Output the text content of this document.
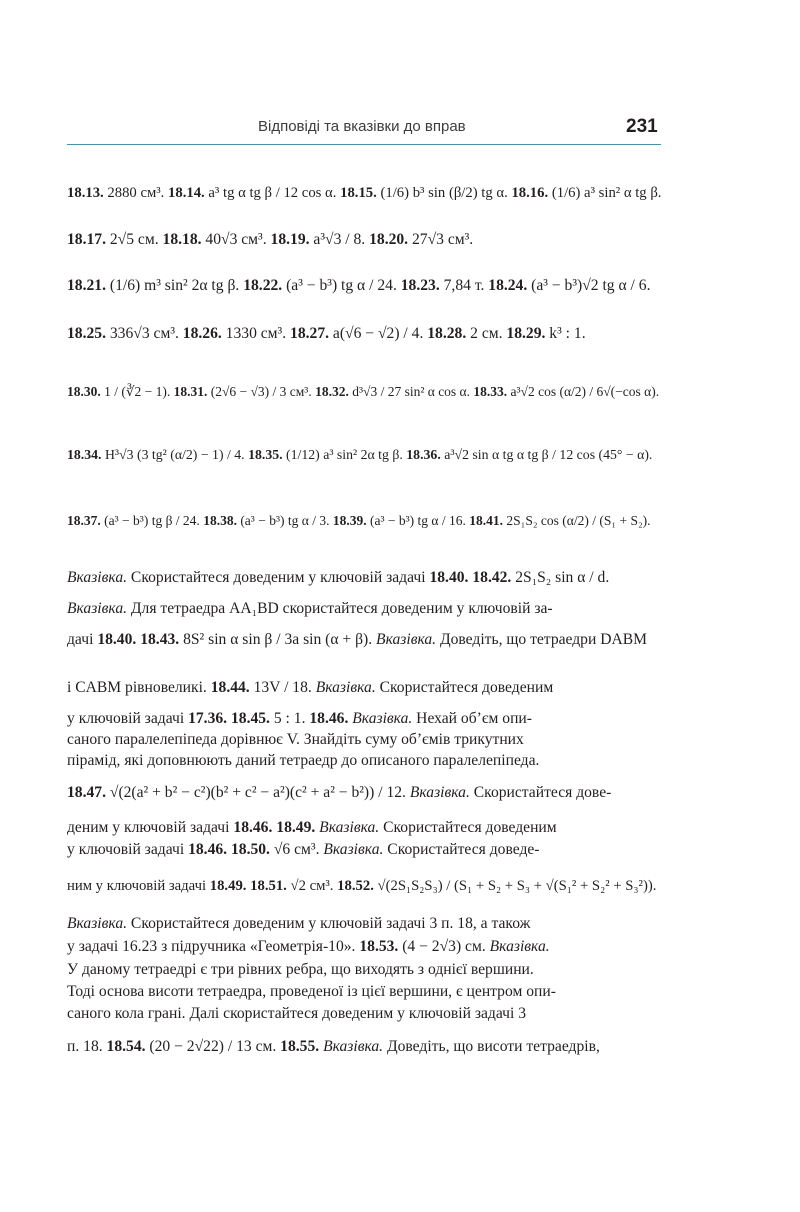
Відповіді та вказівки до вправ	231
18.13. 2880 см³. 18.14. a³ tg α tg β / 12 cos α. 18.15. (1/6) b³ sin (β/2) tg α. 18.16. (1/6) a³ sin² α tg β.
18.17. 2√5 см. 18.18. 40√3 см³. 18.19. a³√3 / 8. 18.20. 27√3 см³.
18.21. (1/6) m³ sin² 2α tg β. 18.22. (a³ − b³) tg α / 24. 18.23. 7,84 т. 18.24. (a³ − b³)√2 tg α / 6.
18.25. 336√3 см³. 18.26. 1330 см³. 18.27. a(√6 − √2) / 4. 18.28. 2 см. 18.29. k³ : 1.
18.30. 1 / (∛2 − 1). 18.31. (2√6 − √3) / 3 см³. 18.32. d³√3 / 27 sin² α cos α. 18.33. a³√2 cos (α/2) / 6√(−cos α).
18.34. H³√3 (3 tg² (α/2) − 1) / 4. 18.35. (1/12) a³ sin² 2α tg β. 18.36. a³√2 sin α tg α tg β / 12 cos (45° − α).
18.37. (a³ − b³) tg β / 24. 18.38. (a³ − b³) tg α / 3. 18.39. (a³ − b³) tg α / 16. 18.41. 2S₁S₂ cos (α/2) / (S₁ + S₂).
Вказівка. Скористайтеся доведеним у ключовій задачі 18.40. 18.42. 2S₁S₂ sin α / d.
Вказівка. Для тетраедра AA₁BD скористайтеся доведеним у ключовій за-
дачі 18.40. 18.43. 8S² sin α sin β / 3a sin (α + β). Вказівка. Доведіть, що тетраедри DABM
і CABM рівновеликі. 18.44. 13V / 18. Вказівка. Скористайтеся доведеним
у ключовій задачі 17.36. 18.45. 5 : 1. 18.46. Вказівка. Нехай об’єм опи-
саного паралелепіпеда дорівнює V. Знайдіть суму об’ємів трикутних
пірамід, які доповнюють даний тетраедр до описаного паралелепіпеда.
18.47. √(2(a² + b² − c²)(b² + c² − a²)(c² + a² − b²)) / 12. Вказівка. Скористайтеся дове-
деним у ключовій задачі 18.46. 18.49. Вказівка. Скористайтеся доведеним
у ключовій задачі 18.46. 18.50. √6 см³. Вказівка. Скористайтеся доведе-
ним у ключовій задачі 18.49. 18.51. √2 см³. 18.52. √(2S₁S₂S₃) / (S₁ + S₂ + S₃ + √(S₁² + S₂² + S₃²)).
Вказівка. Скористайтеся доведеним у ключовій задачі 3 п. 18, а також
у задачі 16.23 з підручника «Геометрія-10». 18.53. (4 − 2√3) см. Вказівка.
У даному тетраедрі є три рівних ребра, що виходять з однієї вершини.
Тоді основа висоти тетраедра, проведеної із цієї вершини, є центром опи-
саного кола грані. Далі скористайтеся доведеним у ключовій задачі 3
п. 18. 18.54. (20 − 2√22) / 13 см. 18.55. Вказівка. Доведіть, що висоти тетраедрів,
